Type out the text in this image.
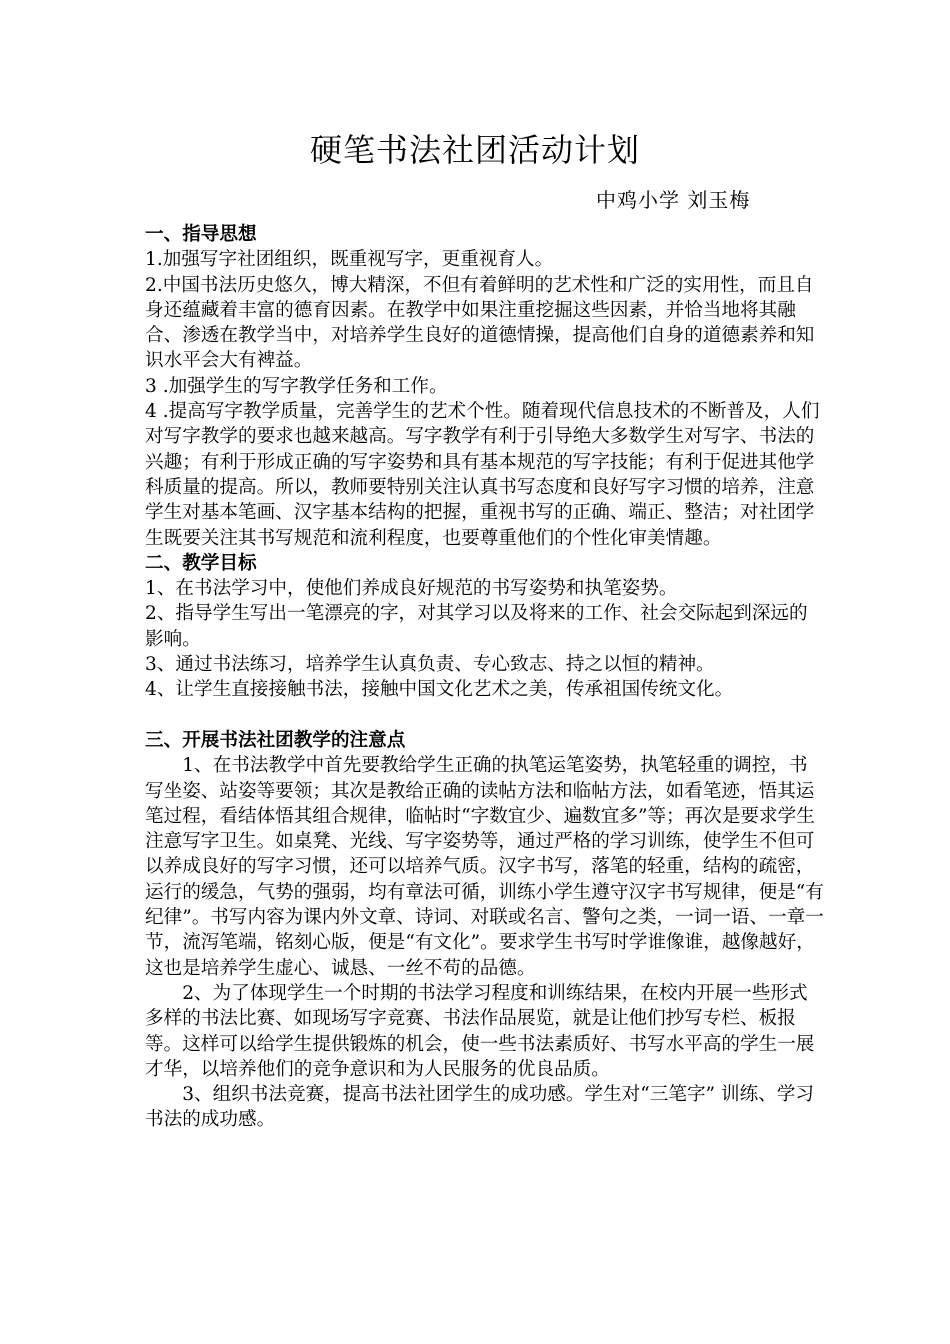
硬笔书法社团活动计划
中鸡小学 刘玉梅

一、指导思想

1.加强写字社团组织，既重视写字，更重视育人。

2.中国书法历史悠久，博大精深，不但有着鲜明的艺术性和广泛的实用性，而且自身还蕴藏着丰富的德育因素。在教学中如果注重挖掘这些因素，并恰当地将其融合、渗透在教学当中，对培养学生良好的道德情操，提高他们自身的道德素养和知识水平会大有裨益。

3 .加强学生的写字教学任务和工作。

4 .提高写字教学质量，完善学生的艺术个性。随着现代信息技术的不断普及，人们对写字教学的要求也越来越高。写字教学有利于引导绝大多数学生对写字、书法的兴趣；有利于形成正确的写字姿势和具有基本规范的写字技能；有利于促进其他学科质量的提高。所以，教师要特别关注认真书写态度和良好写字习惯的培养，注意学生对基本笔画、汉字基本结构的把握，重视书写的正确、端正、整洁；对社团学生既要关注其书写规范和流利程度，也要尊重他们的个性化审美情趣。

二、教学目标

1、在书法学习中，使他们养成良好规范的书写姿势和执笔姿势。

2、指导学生写出一笔漂亮的字，对其学习以及将来的工作、社会交际起到深远的影响。

3、通过书法练习，培养学生认真负责、专心致志、持之以恒的精神。

4、让学生直接接触书法，接触中国文化艺术之美，传承祖国传统文化。

三、开展书法社团教学的注意点

1、在书法教学中首先要教给学生正确的执笔运笔姿势，执笔轻重的调控，书写坐姿、站姿等要领；其次是教给正确的读帖方法和临帖方法，如看笔迹，悟其运笔过程，看结体悟其组合规律，临帖时“字数宜少、遍数宜多”等；再次是要求学生注意写字卫生。如桌凳、光线、写字姿势等，通过严格的学习训练，使学生不但可以养成良好的写字习惯，还可以培养气质。汉字书写，落笔的轻重，结构的疏密，运行的缓急，气势的强弱，均有章法可循，训练小学生遵守汉字书写规律，便是“有纪律”。书写内容为课内外文章、诗词、对联或名言、警句之类，一词一语、一章一节，流泻笔端，铭刻心版，便是“有文化”。要求学生书写时学谁像谁，越像越好，这也是培养学生虚心、诚恳、一丝不苟的品德。

2、为了体现学生一个时期的书法学习程度和训练结果，在校内开展一些形式多样的书法比赛、如现场写字竞赛、书法作品展览，就是让他们抄写专栏、板报等。这样可以给学生提供锻炼的机会，使一些书法素质好、书写水平高的学生一展才华，以培养他们的竞争意识和为人民服务的优良品质。

3、组织书法竞赛，提高书法社团学生的成功感。学生对“三笔字” 训练、学习书法的成功感。
